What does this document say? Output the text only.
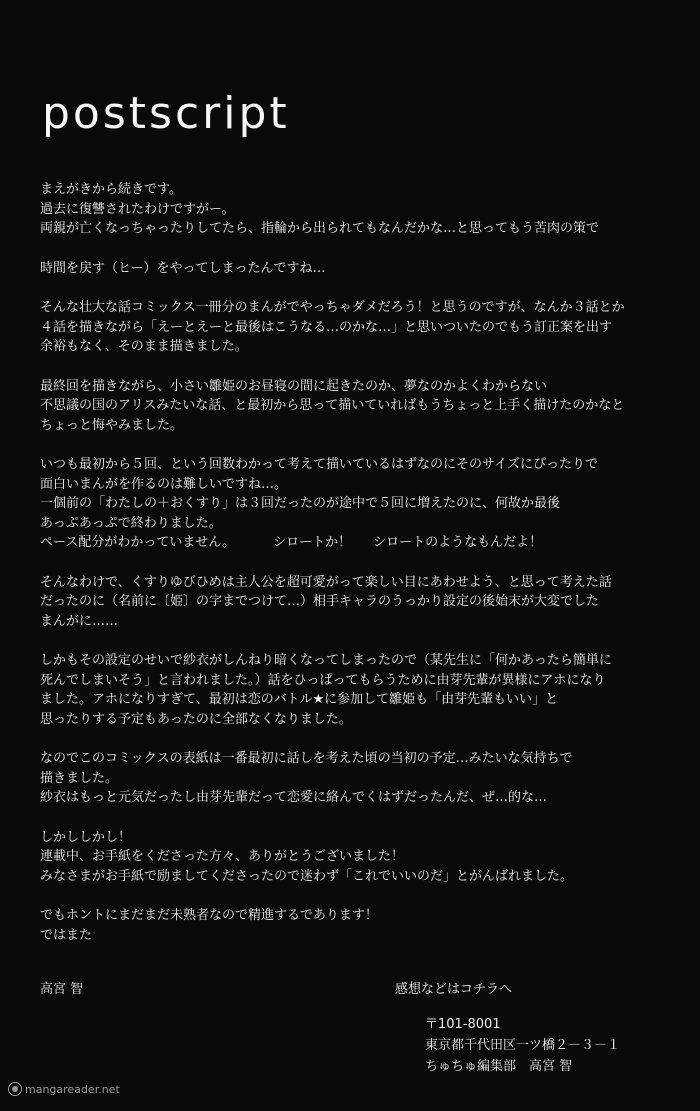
postscript
まえがきから続きです。
過去に復讐されたわけですがー。
両親が亡くなっちゃったりしてたら、指輪から出られてもなんだかな…と思ってもう苦肉の策で
時間を戻す（ヒー）をやってしまったんですね…
そんな壮大な話コミックス一冊分のまんがでやっちゃダメだろう！と思うのですが、なんか３話とか
４話を描きながら「えーとえーと最後はこうなる…のかな…」と思いついたのでもう訂正案を出す
余裕もなく、そのまま描きました。
最終回を描きながら、小さい雛姫のお昼寝の間に起きたのか、夢なのかよくわからない
不思議の国のアリスみたいな話、と最初から思って描いていればもうちょっと上手く描けたのかなと
ちょっと悔やみました。
いつも最初から５回、という回数わかって考えて描いているはずなのにそのサイズにぴったりで
面白いまんがを作るのは難しいですね…。
一個前の「わたしの＋おくすり」は３回だったのが途中で５回に増えたのに、何故か最後
あっぷあっぷで終わりました。
ペース配分がわかっていません。	シロートか！ シロートのようなもんだよ！
そんなわけで、くすりゆびひめは主人公を超可愛がって楽しい目にあわせよう、と思って考えた話
だったのに（名前に〔姫〕の字までつけて…）相手キャラのうっかり設定の後始末が大変でした
まんがに……
しかもその設定のせいで紗衣がしんねり暗くなってしまったので（某先生に「何かあったら簡単に
死んでしまいそう」と言われました。）話をひっぱってもらうために由芽先輩が異様にアホになり
ました。アホになりすぎて、最初は恋のバトル★に参加して雛姫も「由芽先輩もいい」と
思ったりする予定もあったのに全部なくなりました。
なのでこのコミックスの表紙は一番最初に話しを考えた頃の当初の予定…みたいな気持ちで
描きました。
紗衣はもっと元気だったし由芽先輩だって恋愛に絡んでくはずだったんだ、ぜ…的な…
しかししかし！
連載中、お手紙をくださった方々、ありがとうございました！
みなさまがお手紙で励ましてくださったので迷わず「これでいいのだ」とがんばれました。
でもホントにまだまだ未熟者なので精進するであります！
ではまた
高宮 智	感想などはコチラへ
〒101-8001
東京都千代田区一ツ橋２－３－１
ちゅちゅ編集部　高宮 智
mangareader.net
